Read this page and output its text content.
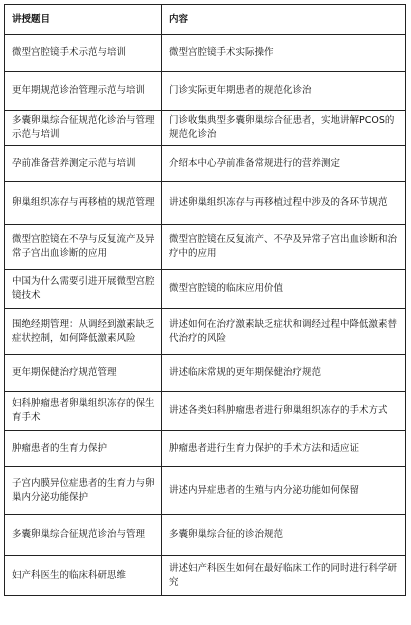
讲授题目	内容
微型宫腔镜手术示范与培训	微型宫腔镜手术实际操作
更年期规范诊治管理示范与培训	门诊实际更年期患者的规范化诊治
多囊卵巢综合征规范化诊治与管理示范与培训	门诊收集典型多囊卵巢综合征患者，实地讲解PCOS的规范化诊治
孕前准备营养测定示范与培训	介绍本中心孕前准备常规进行的营养测定
卵巢组织冻存与再移植的规范管理	讲述卵巢组织冻存与再移植过程中涉及的各环节规范
微型宫腔镜在不孕与反复流产及异常子宫出血诊断的应用	微型宫腔镜在反复流产、不孕及异常子宫出血诊断和治疗中的应用
中国为什么需要引进开展微型宫腔镜技术	微型宫腔镜的临床应用价值
围绝经期管理：从调经到激素缺乏症状控制，如何降低激素风险	讲述如何在治疗激素缺乏症状和调经过程中降低激素替代治疗的风险
更年期保健治疗规范管理	讲述临床常规的更年期保健治疗规范
妇科肿瘤患者卵巢组织冻存的保生育手术	讲述各类妇科肿瘤患者进行卵巢组织冻存的手术方式
肿瘤患者的生育力保护	肿瘤患者进行生育力保护的手术方法和适应证
子宫内膜异位症患者的生育力与卵巢内分泌功能保护	讲述内异症患者的生殖与内分泌功能如何保留
多囊卵巢综合征规范诊治与管理	多囊卵巢综合征的诊治规范
妇产科医生的临床科研思维	讲述妇产科医生如何在最好临床工作的同时进行科学研究
